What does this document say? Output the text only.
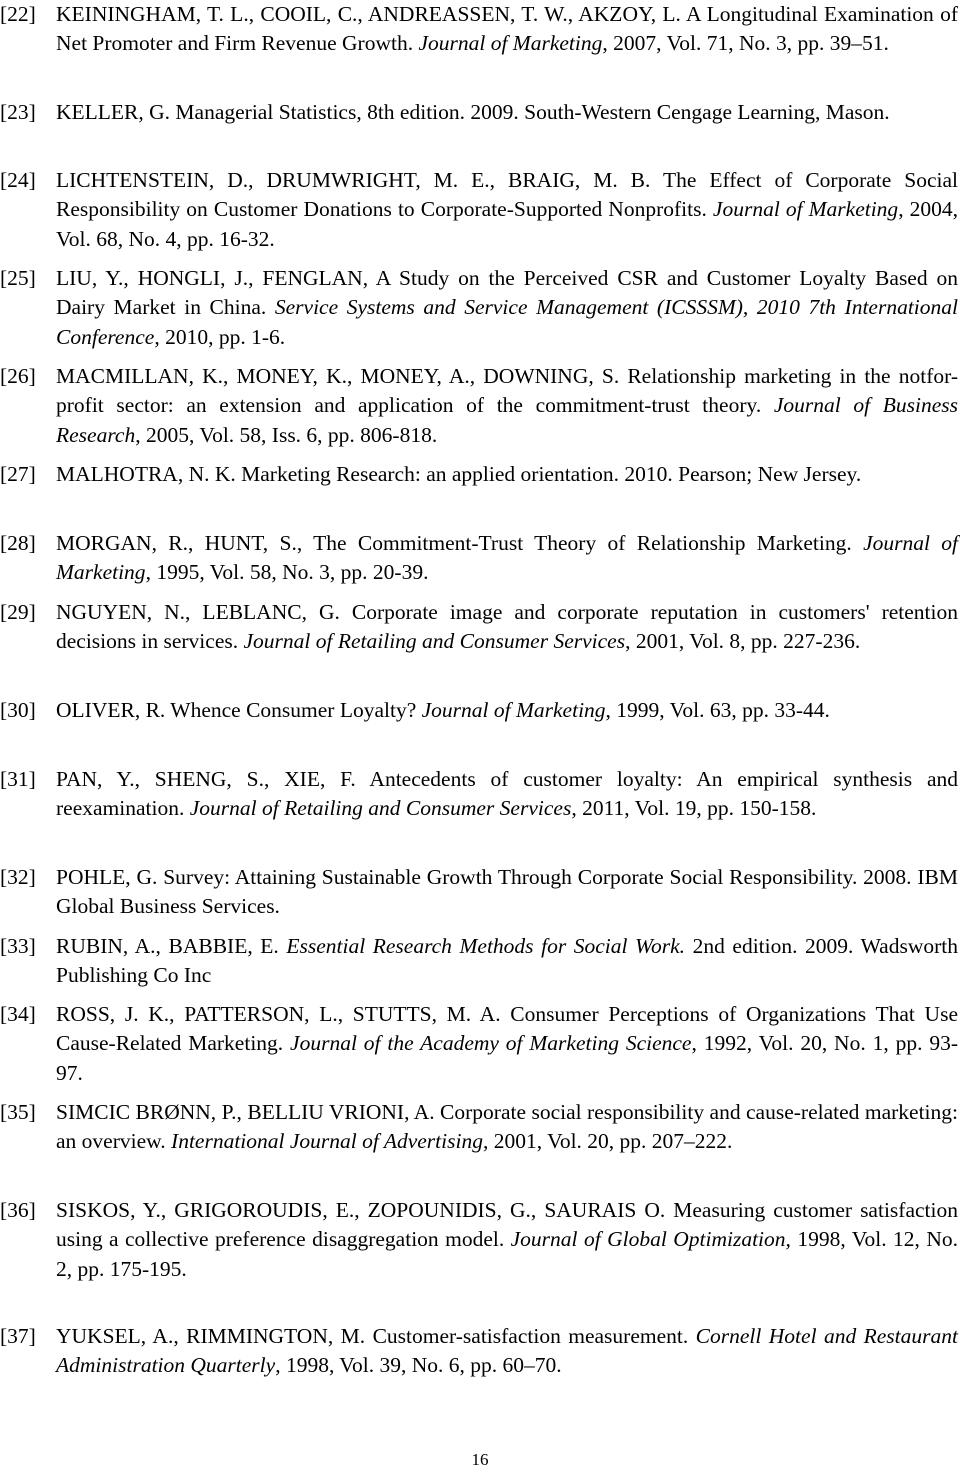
[22] KEININGHAM, T. L., COOIL, C., ANDREASSEN, T. W., AKZOY, L. A Longitudinal Examination of Net Promoter and Firm Revenue Growth. Journal of Marketing, 2007, Vol. 71, No. 3, pp. 39–51.
[23] KELLER, G. Managerial Statistics, 8th edition. 2009. South-Western Cengage Learning, Mason.
[24] LICHTENSTEIN, D., DRUMWRIGHT, M. E., BRAIG, M. B. The Effect of Corporate Social Responsibility on Customer Donations to Corporate-Supported Nonprofits. Journal of Marketing, 2004, Vol. 68, No. 4, pp. 16-32.
[25] LIU, Y., HONGLI, J., FENGLAN, A Study on the Perceived CSR and Customer Loyalty Based on Dairy Market in China. Service Systems and Service Management (ICSSSM), 2010 7th International Conference, 2010, pp. 1-6.
[26] MACMILLAN, K., MONEY, K., MONEY, A., DOWNING, S. Relationship marketing in the notfor- profit sector: an extension and application of the commitment-trust theory. Journal of Business Research, 2005, Vol. 58, Iss. 6, pp. 806-818.
[27] MALHOTRA, N. K. Marketing Research: an applied orientation. 2010. Pearson; New Jersey.
[28] MORGAN, R., HUNT, S., The Commitment-Trust Theory of Relationship Marketing. Journal of Marketing, 1995, Vol. 58, No. 3, pp. 20-39.
[29] NGUYEN, N., LEBLANC, G. Corporate image and corporate reputation in customers' retention decisions in services. Journal of Retailing and Consumer Services, 2001, Vol. 8, pp. 227-236.
[30] OLIVER, R. Whence Consumer Loyalty? Journal of Marketing, 1999, Vol. 63, pp. 33-44.
[31] PAN, Y., SHENG, S., XIE, F. Antecedents of customer loyalty: An empirical synthesis and reexamination. Journal of Retailing and Consumer Services, 2011, Vol. 19, pp. 150-158.
[32] POHLE, G. Survey: Attaining Sustainable Growth Through Corporate Social Responsibility. 2008. IBM Global Business Services.
[33] RUBIN, A., BABBIE, E. Essential Research Methods for Social Work. 2nd edition. 2009. Wadsworth Publishing Co Inc
[34] ROSS, J. K., PATTERSON, L., STUTTS, M. A. Consumer Perceptions of Organizations That Use Cause-Related Marketing. Journal of the Academy of Marketing Science, 1992, Vol. 20, No. 1, pp. 93- 97.
[35] SIMCIC BRØNN, P., BELLIU VRIONI, A. Corporate social responsibility and cause-related marketing: an overview. International Journal of Advertising, 2001, Vol. 20, pp. 207–222.
[36] SISKOS, Y., GRIGOROUDIS, E., ZOPOUNIDIS, G., SAURAIS O. Measuring customer satisfaction using a collective preference disaggregation model. Journal of Global Optimization, 1998, Vol. 12, No. 2, pp. 175-195.
[37] YUKSEL, A., RIMMINGTON, M. Customer-satisfaction measurement. Cornell Hotel and Restaurant Administration Quarterly, 1998, Vol. 39, No. 6, pp. 60–70.
16
